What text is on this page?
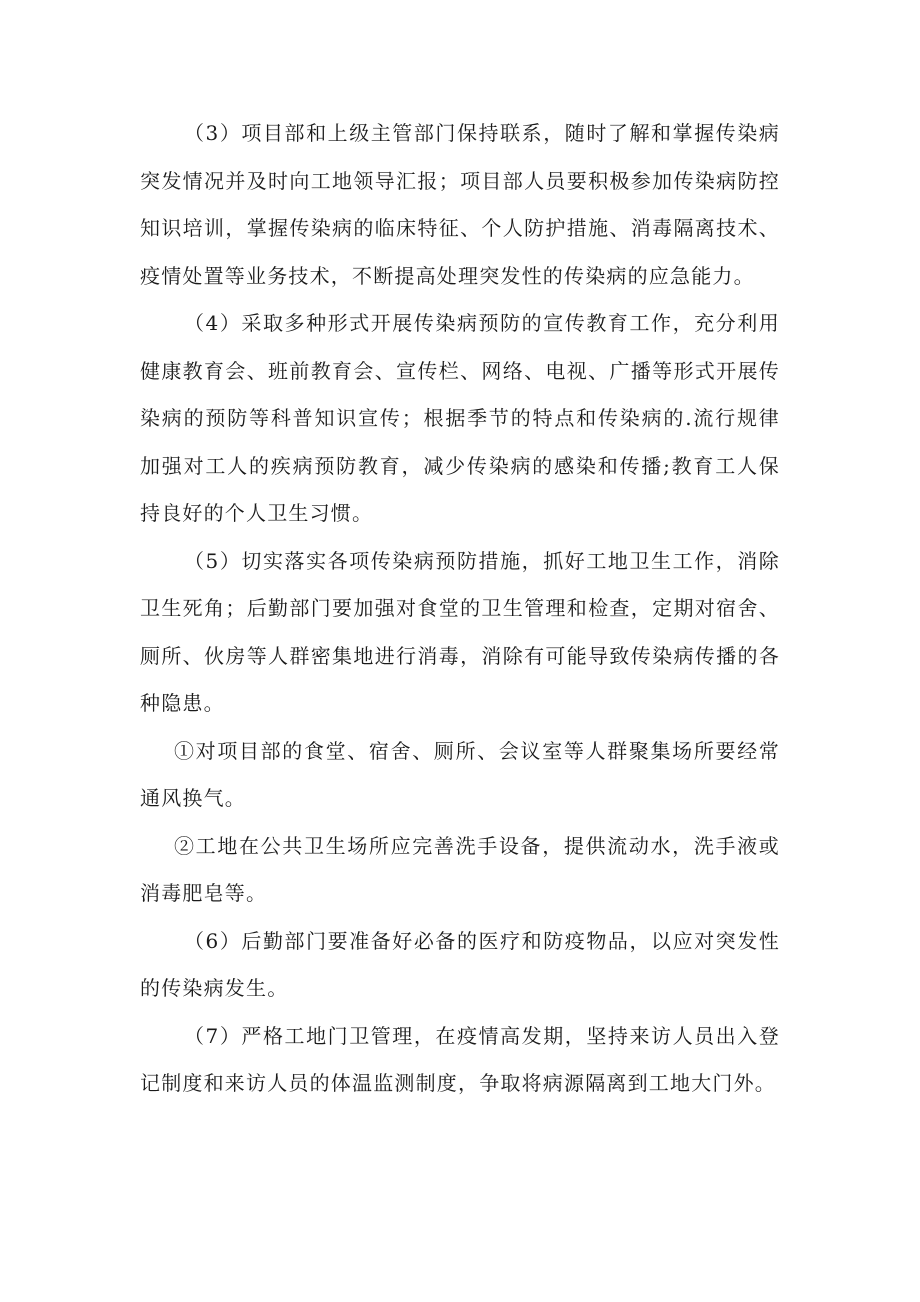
（3）项目部和上级主管部门保持联系，随时了解和掌握传染病突发情况并及时向工地领导汇报；项目部人员要积极参加传染病防控知识培训，掌握传染病的临床特征、个人防护措施、消毒隔离技术、疫情处置等业务技术，不断提高处理突发性的传染病的应急能力。

（4）采取多种形式开展传染病预防的宣传教育工作，充分利用健康教育会、班前教育会、宣传栏、网络、电视、广播等形式开展传染病的预防等科普知识宣传；根据季节的特点和传染病的.流行规律加强对工人的疾病预防教育，减少传染病的感染和传播;教育工人保持良好的个人卫生习惯。

（5）切实落实各项传染病预防措施，抓好工地卫生工作，消除卫生死角；后勤部门要加强对食堂的卫生管理和检查，定期对宿舍、厕所、伙房等人群密集地进行消毒，消除有可能导致传染病传播的各种隐患。

①对项目部的食堂、宿舍、厕所、会议室等人群聚集场所要经常通风换气。

②工地在公共卫生场所应完善洗手设备，提供流动水，洗手液或消毒肥皂等。

（6）后勤部门要准备好必备的医疗和防疫物品，以应对突发性的传染病发生。

（7）严格工地门卫管理，在疫情高发期，坚持来访人员出入登记制度和来访人员的体温监测制度，争取将病源隔离到工地大门外。
